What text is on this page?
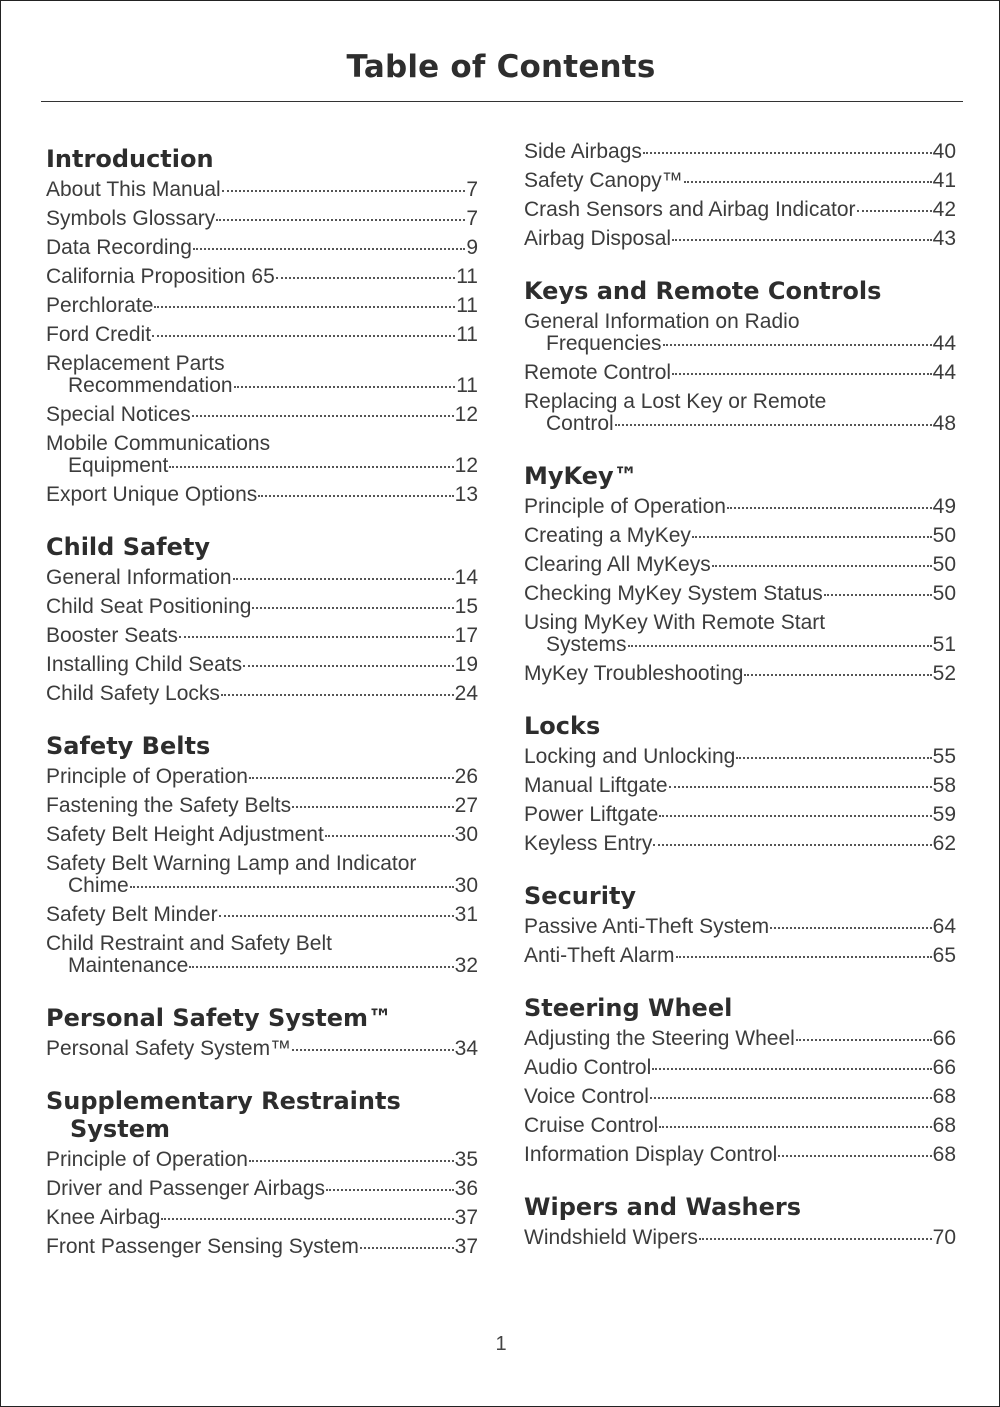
Table of Contents
Introduction
About This Manual	7
Symbols Glossary	7
Data Recording	9
California Proposition 65	11
Perchlorate	11
Ford Credit	11
Replacement Parts
Recommendation	11
Special Notices	12
Mobile Communications
Equipment	12
Export Unique Options	13
Child Safety
General Information	14
Child Seat Positioning	15
Booster Seats	17
Installing Child Seats	19
Child Safety Locks	24
Safety Belts
Principle of Operation	26
Fastening the Safety Belts	27
Safety Belt Height Adjustment	30
Safety Belt Warning Lamp and Indicator
Chime	30
Safety Belt Minder	31
Child Restraint and Safety Belt
Maintenance	32
Personal Safety System™
Personal Safety System™	34
Supplementary Restraints
System
Principle of Operation	35
Driver and Passenger Airbags	36
Knee Airbag	37
Front Passenger Sensing System	37
Side Airbags	40
Safety Canopy™	41
Crash Sensors and Airbag Indicator	42
Airbag Disposal	43
Keys and Remote Controls
General Information on Radio
Frequencies	44
Remote Control	44
Replacing a Lost Key or Remote
Control	48
MyKey™
Principle of Operation	49
Creating a MyKey	50
Clearing All MyKeys	50
Checking MyKey System Status	50
Using MyKey With Remote Start
Systems	51
MyKey Troubleshooting	52
Locks
Locking and Unlocking	55
Manual Liftgate	58
Power Liftgate	59
Keyless Entry	62
Security
Passive Anti-Theft System	64
Anti-Theft Alarm	65
Steering Wheel
Adjusting the Steering Wheel	66
Audio Control	66
Voice Control	68
Cruise Control	68
Information Display Control	68
Wipers and Washers
Windshield Wipers	70
1
